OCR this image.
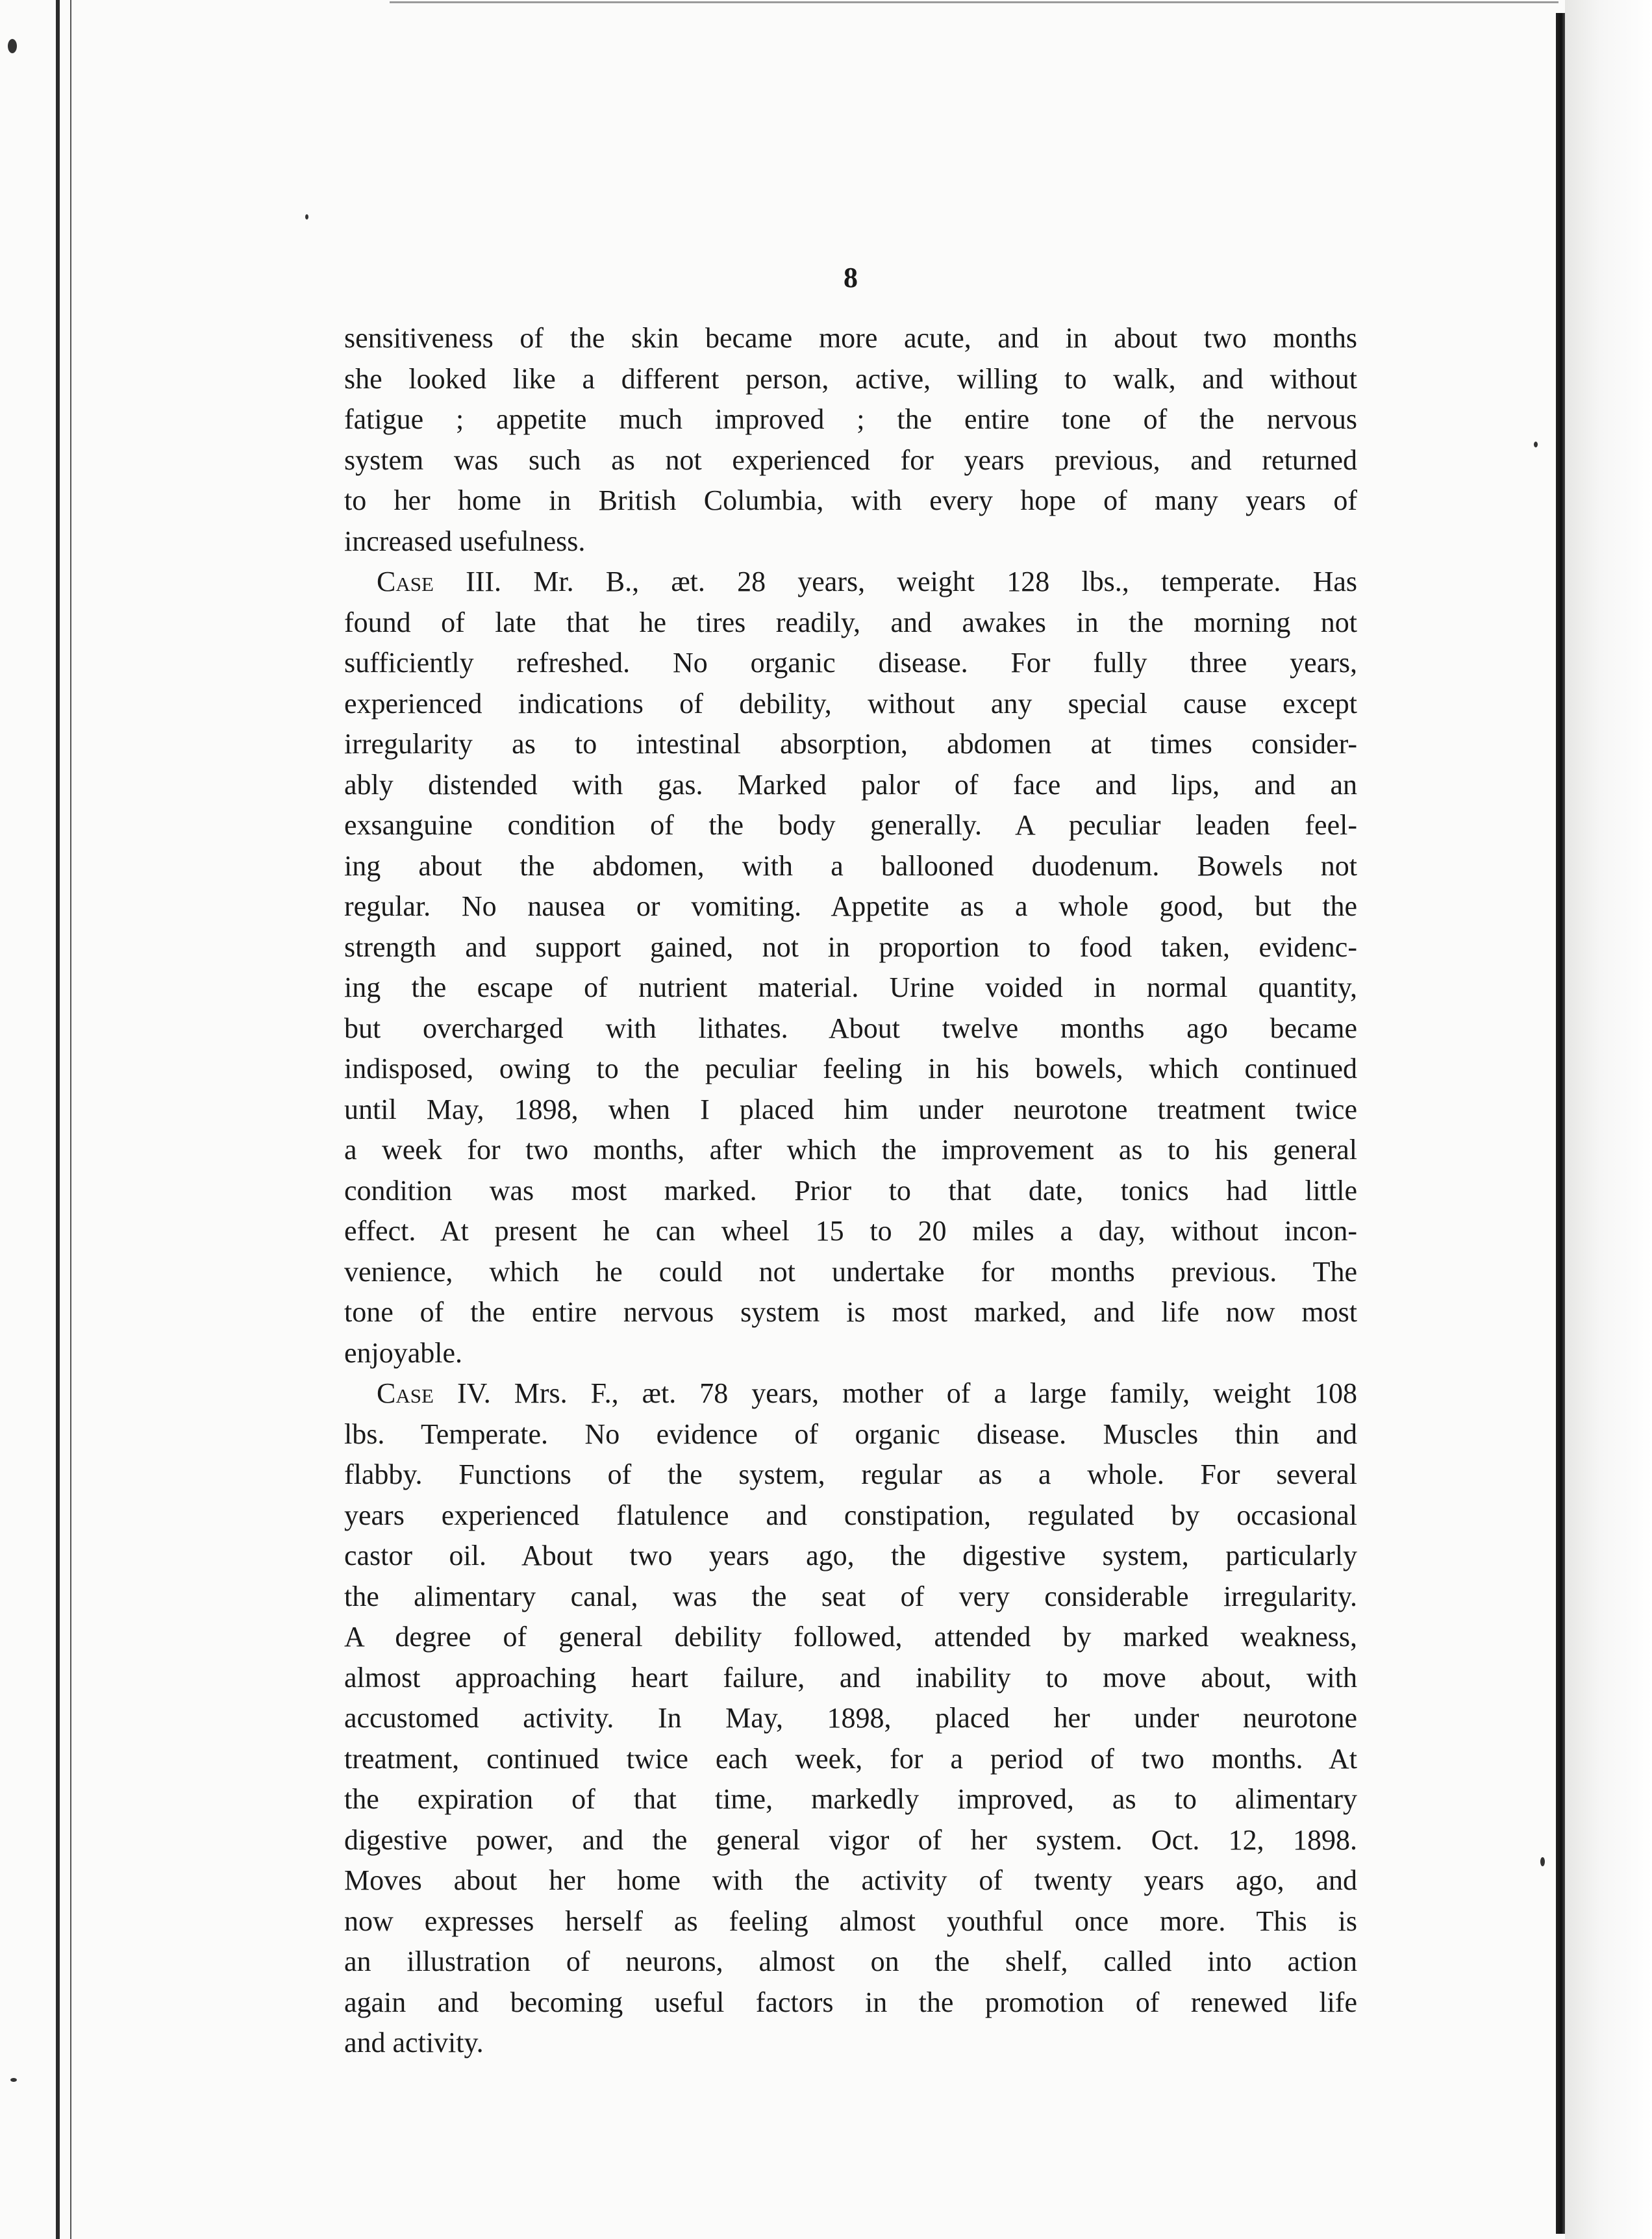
8
sensitiveness of the skin became more acute, and in about two months
she looked like a different person, active, willing to walk, and without
fatigue ; appetite much improved ; the entire tone of the nervous
system was such as not experienced for years previous, and returned
to her home in British Columbia, with every hope of many years of
increased usefulness.
Case III. Mr. B., æt. 28 years, weight 128 lbs., temperate. Has
found of late that he tires readily, and awakes in the morning not
sufficiently refreshed. No organic disease. For fully three years,
experienced indications of debility, without any special cause except
irregularity as to intestinal absorption, abdomen at times consider-
ably distended with gas. Marked palor of face and lips, and an
exsanguine condition of the body generally. A peculiar leaden feel-
ing about the abdomen, with a ballooned duodenum. Bowels not
regular. No nausea or vomiting. Appetite as a whole good, but the
strength and support gained, not in proportion to food taken, evidenc-
ing the escape of nutrient material. Urine voided in normal quantity,
but overcharged with lithates. About twelve months ago became
indisposed, owing to the peculiar feeling in his bowels, which continued
until May, 1898, when I placed him under neurotone treatment twice
a week for two months, after which the improvement as to his general
condition was most marked. Prior to that date, tonics had little
effect. At present he can wheel 15 to 20 miles a day, without incon-
venience, which he could not undertake for months previous. The
tone of the entire nervous system is most marked, and life now most
enjoyable.
Case IV. Mrs. F., æt. 78 years, mother of a large family, weight 108
lbs. Temperate. No evidence of organic disease. Muscles thin and
flabby. Functions of the system, regular as a whole. For several
years experienced flatulence and constipation, regulated by occasional
castor oil. About two years ago, the digestive system, particularly
the alimentary canal, was the seat of very considerable irregularity.
A degree of general debility followed, attended by marked weakness,
almost approaching heart failure, and inability to move about, with
accustomed activity. In May, 1898, placed her under neurotone
treatment, continued twice each week, for a period of two months. At
the expiration of that time, markedly improved, as to alimentary
digestive power, and the general vigor of her system. Oct. 12, 1898.
Moves about her home with the activity of twenty years ago, and
now expresses herself as feeling almost youthful once more. This is
an illustration of neurons, almost on the shelf, called into action
again and becoming useful factors in the promotion of renewed life
and activity.
